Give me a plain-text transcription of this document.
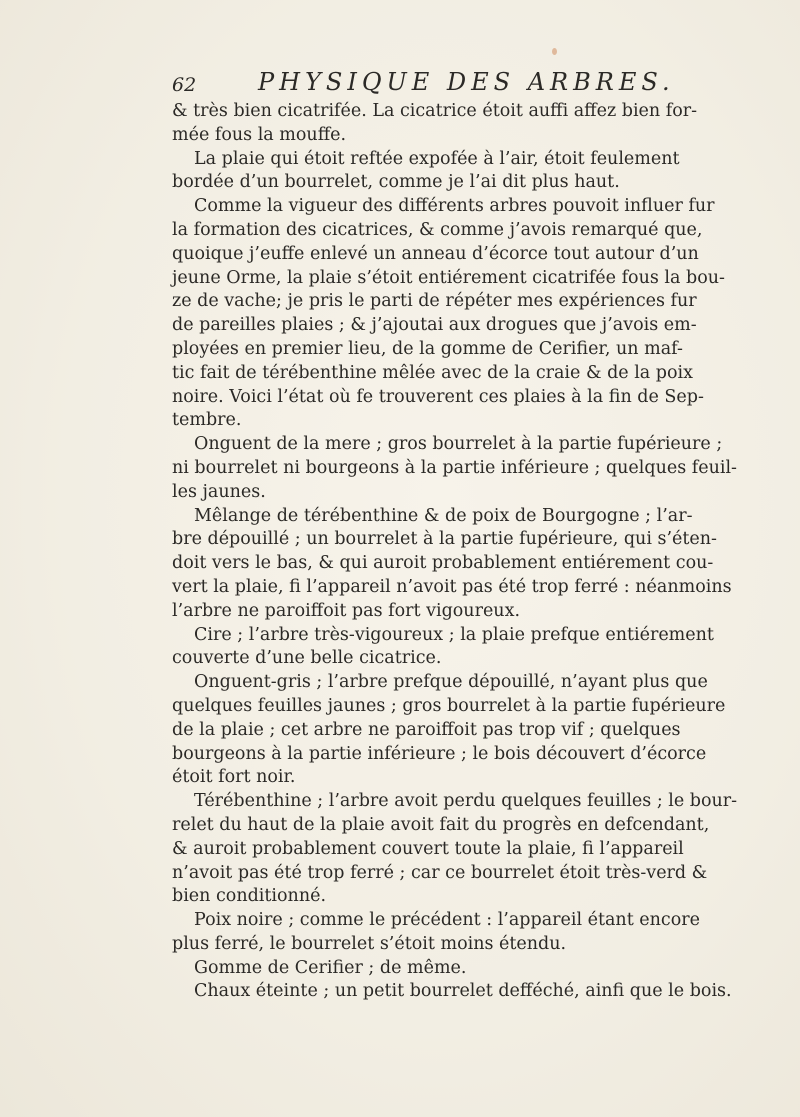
62	PHYSIQUE DES ARBRES.
& très bien cicatrifée. La cicatrice étoit auffi affez bien for-
mée fous la mouffe.
La plaie qui étoit reftée expofée à l’air, étoit feulement
bordée d’un bourrelet, comme je l’ai dit plus haut.
Comme la vigueur des différents arbres pouvoit influer fur
la formation des cicatrices, & comme j’avois remarqué que,
quoique j’euffe enlevé un anneau d’écorce tout autour d’un
jeune Orme, la plaie s’étoit entiérement cicatrifée fous la bou-
ze de vache; je pris le parti de répéter mes expériences fur
de pareilles plaies ; & j’ajoutai aux drogues que j’avois em-
ployées en premier lieu, de la gomme de Cerifier, un maf-
tic fait de térébenthine mêlée avec de la craie & de la poix
noire. Voici l’état où fe trouverent ces plaies à la fin de Sep-
tembre.
Onguent de la mere ; gros bourrelet à la partie fupérieure ;
ni bourrelet ni bourgeons à la partie inférieure ; quelques feuil-
les jaunes.
Mêlange de térébenthine & de poix de Bourgogne ; l’ar-
bre dépouillé ; un bourrelet à la partie fupérieure, qui s’éten-
doit vers le bas, & qui auroit probablement entiérement cou-
vert la plaie, fi l’appareil n’avoit pas été trop ferré : néanmoins
l’arbre ne paroiffoit pas fort vigoureux.
Cire ; l’arbre très-vigoureux ; la plaie prefque entiérement
couverte d’une belle cicatrice.
Onguent-gris ; l’arbre prefque dépouillé, n’ayant plus que
quelques feuilles jaunes ; gros bourrelet à la partie fupérieure
de la plaie ; cet arbre ne paroiffoit pas trop vif ; quelques
bourgeons à la partie inférieure ; le bois découvert d’écorce
étoit fort noir.
Térébenthine ; l’arbre avoit perdu quelques feuilles ; le bour-
relet du haut de la plaie avoit fait du progrès en defcendant,
& auroit probablement couvert toute la plaie, fi l’appareil
n’avoit pas été trop ferré ; car ce bourrelet étoit très-verd &
bien conditionné.
Poix noire ; comme le précédent : l’appareil étant encore
plus ferré, le bourrelet s’étoit moins étendu.
Gomme de Cerifier ; de même.
Chaux éteinte ; un petit bourrelet defféché, ainfi que le bois.
